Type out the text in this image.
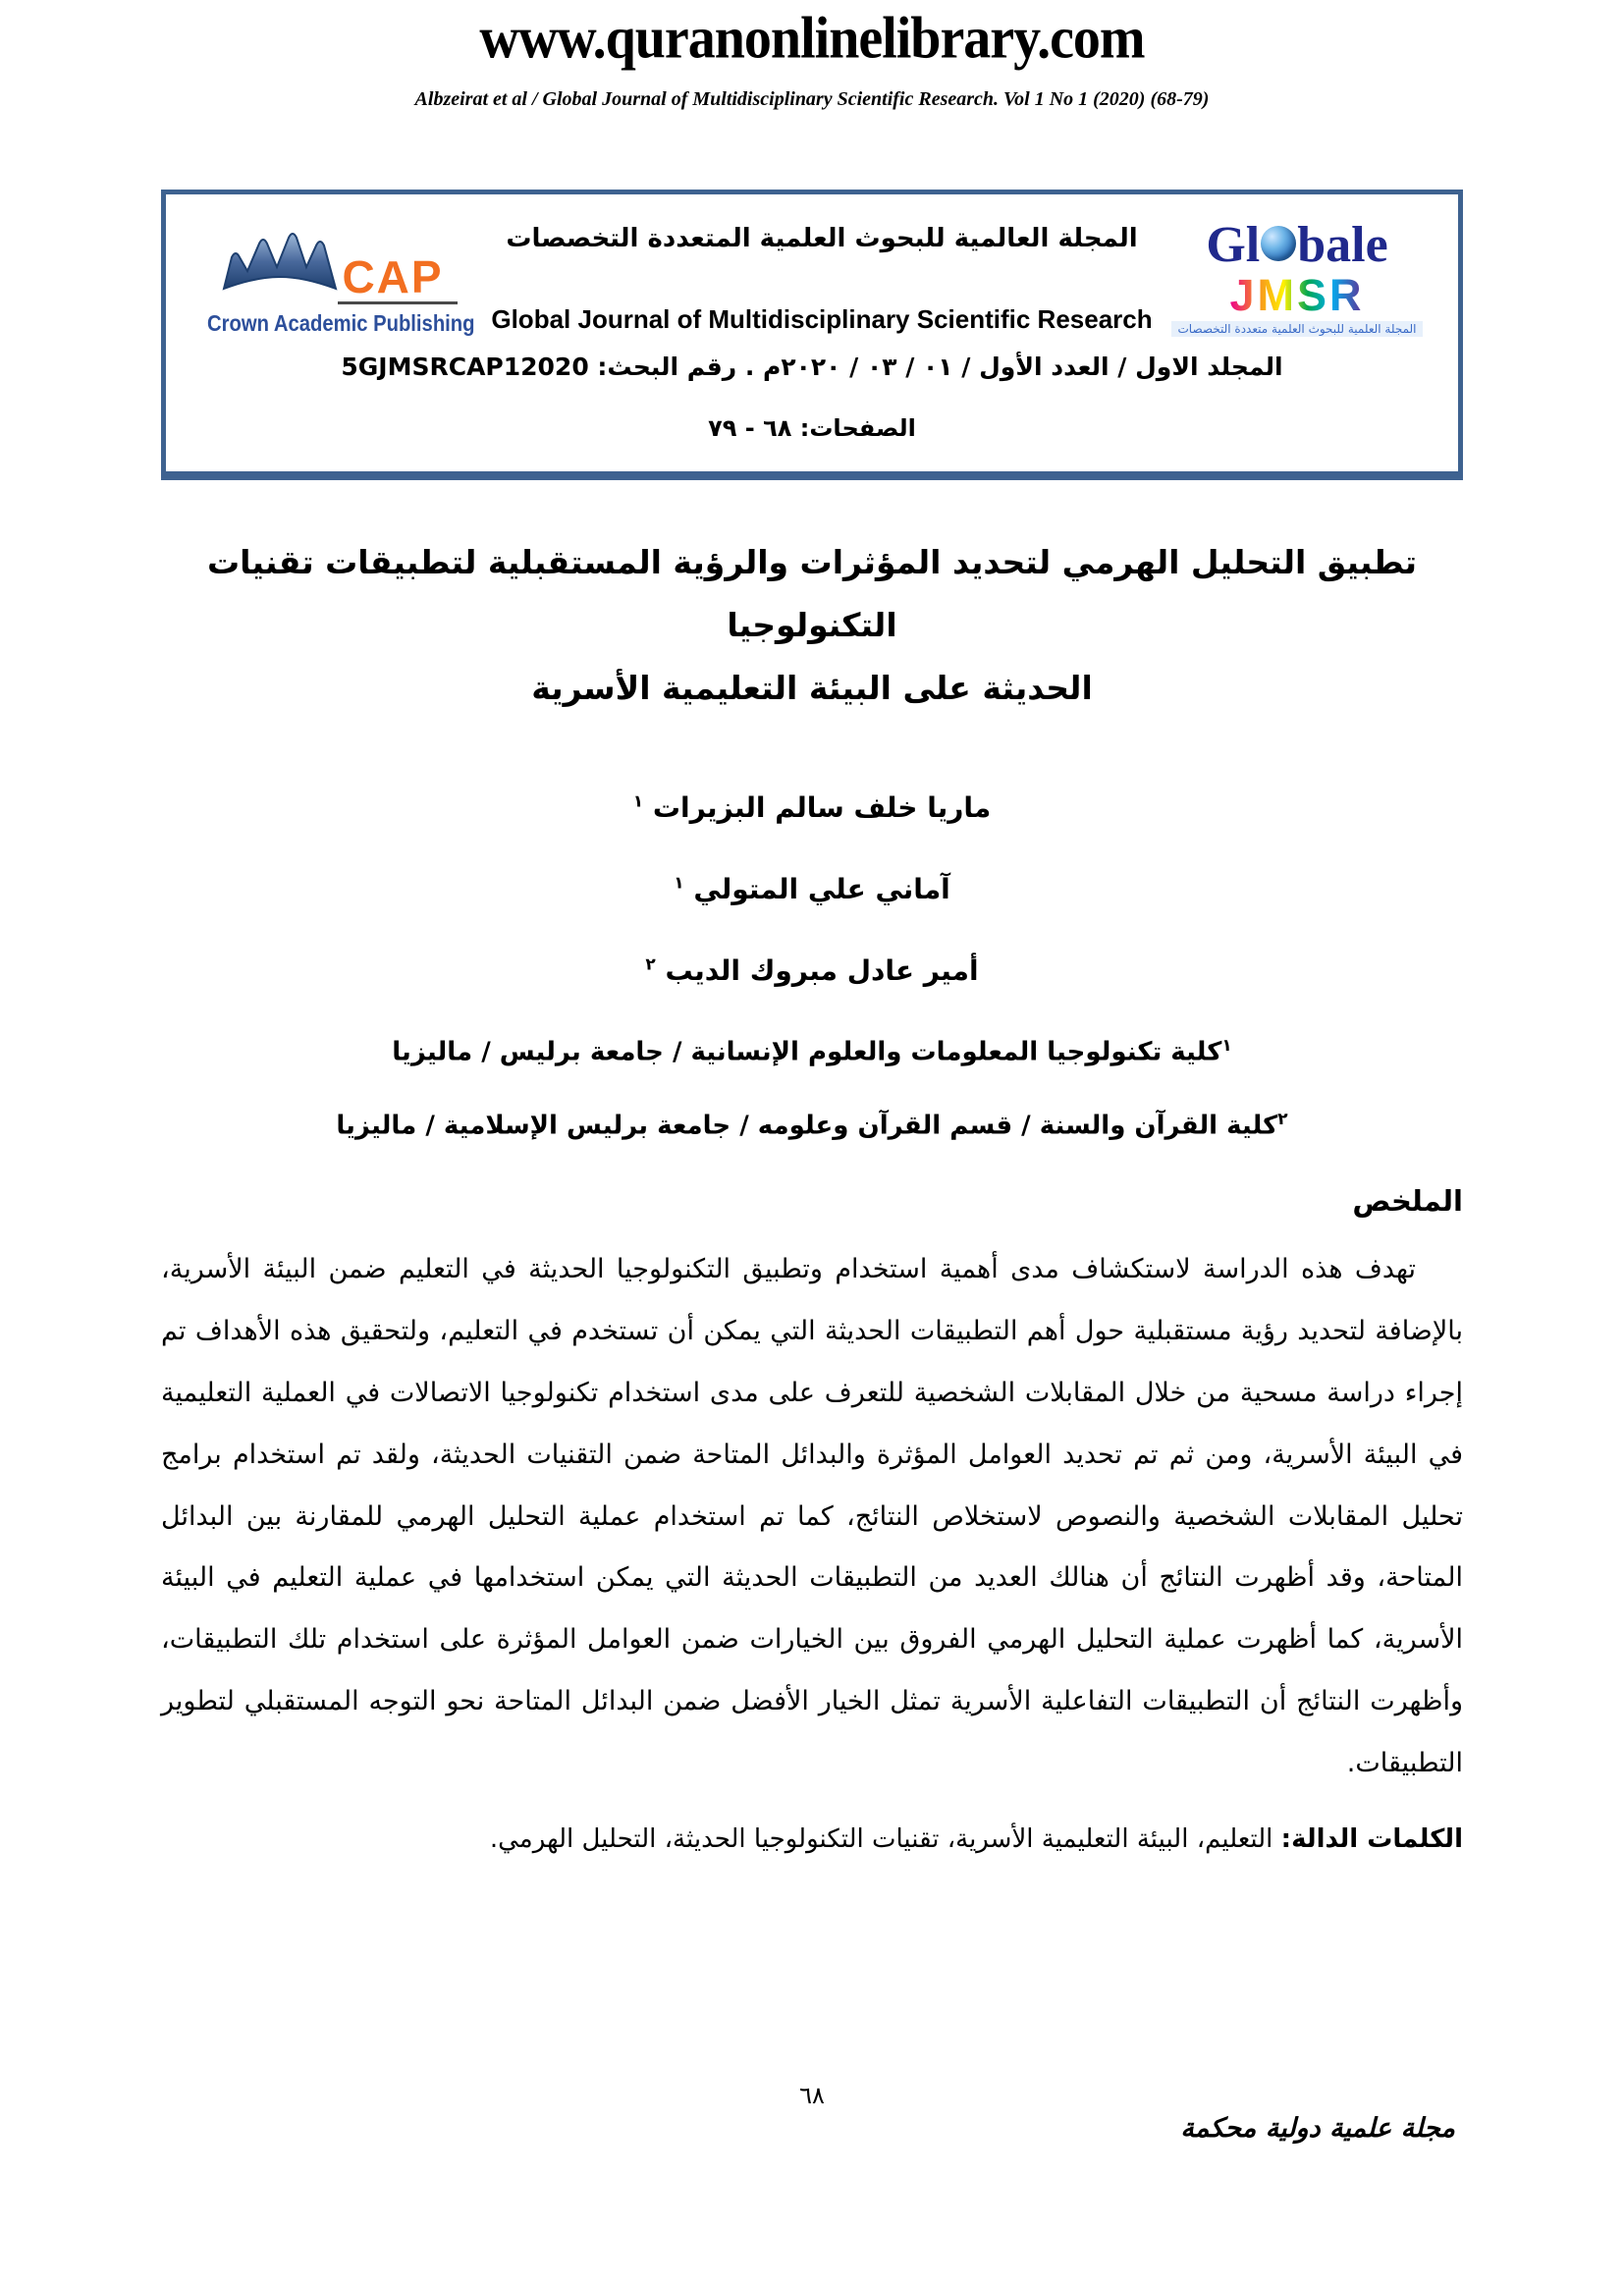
www.quranonlinelibrary.com
Albzeirat et al / Global Journal of Multidisciplinary Scientific Research. Vol 1 No 1 (2020) (68-79)
CAP
Crown Academic Publishing
المجلة العالمية للبحوث العلمية المتعددة التخصصات
Global Journal of Multidisciplinary Scientific Research
Gl bale
JMSR
المجلة العلمية للبحوث العلمية متعددة التخصصات
المجلد الاول / العدد الأول / ٠١ / ٠٣ / ٢٠٢٠م . رقم البحث: 5GJMSRCAP12020
الصفحات: ٦٨ - ٧٩
تطبيق التحليل الهرمي لتحديد المؤثرات والرؤية المستقبلية لتطبيقات تقنيات التكنولوجيا
الحديثة على البيئة التعليمية الأسرية
ماريا خلف سالم البزيرات $^١$
آماني علي المتولي $^١$
أمير عادل مبروك الديب $^٢$
$^١$كلية تكنولوجيا المعلومات والعلوم الإنسانية / جامعة برليس / ماليزيا
$^٢$كلية القرآن والسنة / قسم القرآن وعلومه / جامعة برليس الإسلامية / ماليزيا
الملخص

تهدف هذه الدراسة لاستكشاف مدى أهمية استخدام وتطبيق التكنولوجيا الحديثة في التعليم ضمن البيئة الأسرية، بالإضافة لتحديد رؤية مستقبلية حول أهم التطبيقات الحديثة التي يمكن أن تستخدم في التعليم، ولتحقيق هذه الأهداف تم إجراء دراسة مسحية من خلال المقابلات الشخصية للتعرف على مدى استخدام تكنولوجيا الاتصالات في العملية التعليمية في البيئة الأسرية، ومن ثم تم تحديد العوامل المؤثرة والبدائل المتاحة ضمن التقنيات الحديثة، ولقد تم استخدام برامج تحليل المقابلات الشخصية والنصوص لاستخلاص النتائج، كما تم استخدام عملية التحليل الهرمي للمقارنة بين البدائل المتاحة، وقد أظهرت النتائج أن هنالك العديد من التطبيقات الحديثة التي يمكن استخدامها في عملية التعليم في البيئة الأسرية، كما أظهرت عملية التحليل الهرمي الفروق بين الخيارات ضمن العوامل المؤثرة على استخدام تلك التطبيقات، وأظهرت النتائج أن التطبيقات التفاعلية الأسرية تمثل الخيار الأفضل ضمن البدائل المتاحة نحو التوجه المستقبلي لتطوير التطبيقات.

الكلمات الدالة: التعليم، البيئة التعليمية الأسرية، تقنيات التكنولوجيا الحديثة، التحليل الهرمي.

٦٨
مجلة علمية دولية محكمة
